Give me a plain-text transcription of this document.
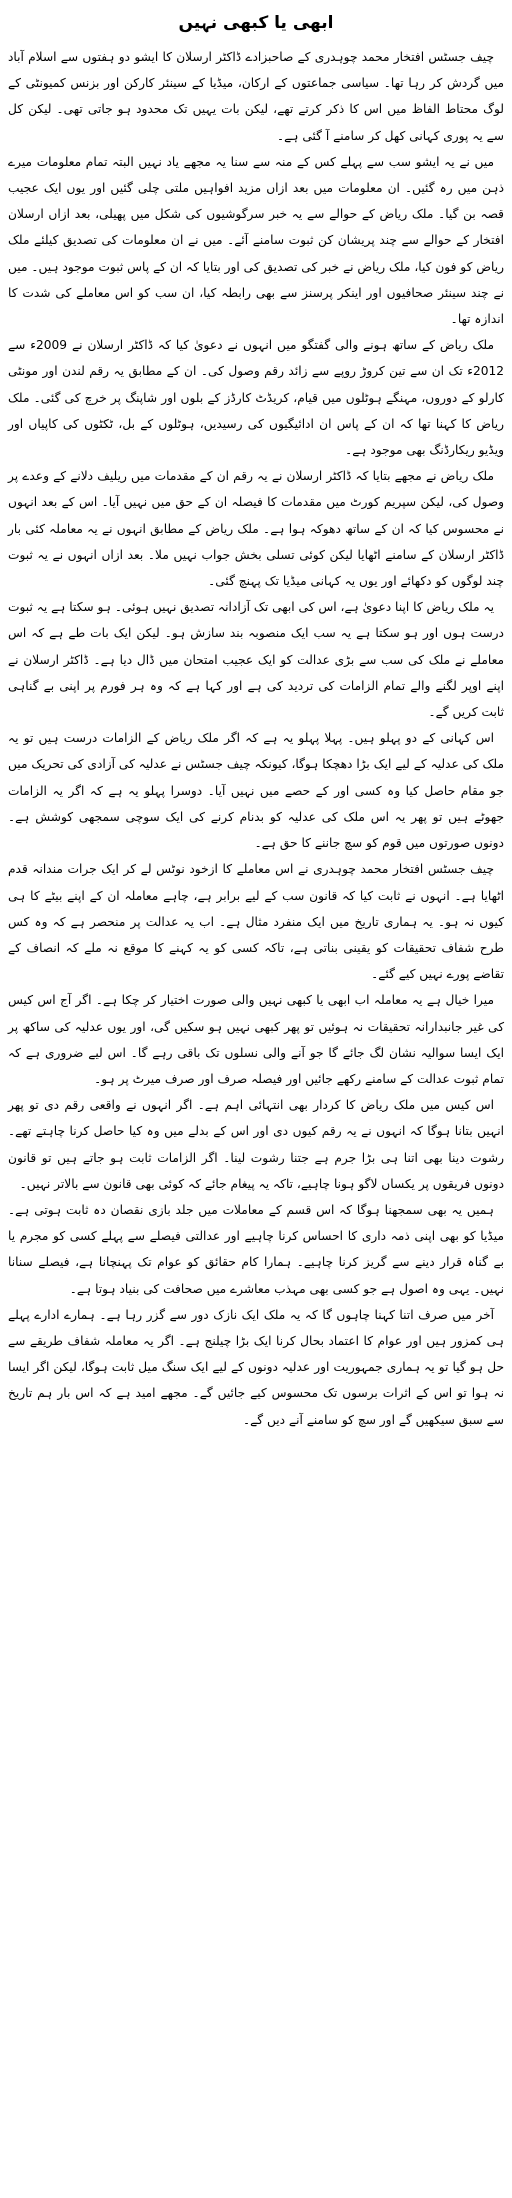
ابھی یا کبھی نہیں

چیف جسٹس افتخار محمد چوہدری کے صاحبزادے ڈاکٹر ارسلان کا ایشو دو ہفتوں سے اسلام آباد میں گردش کر رہا تھا۔ سیاسی جماعتوں کے ارکان، میڈیا کے سینئر کارکن اور بزنس کمیونٹی کے لوگ محتاط الفاظ میں اس کا ذکر کرتے تھے، لیکن بات یہیں تک محدود ہو جاتی تھی۔ لیکن کل سے یہ پوری کہانی کھل کر سامنے آ گئی ہے۔

میں نے یہ ایشو سب سے پہلے کس کے منہ سے سنا یہ مجھے یاد نہیں البتہ تمام معلومات میرے ذہن میں رہ گئیں۔ ان معلومات میں بعد ازاں مزید افواہیں ملتی چلی گئیں اور یوں ایک عجیب قصہ بن گیا۔ ملک ریاض کے حوالے سے یہ خبر سرگوشیوں کی شکل میں پھیلی، بعد ازاں ارسلان افتخار کے حوالے سے چند پریشان کن ثبوت سامنے آئے۔ میں نے ان معلومات کی تصدیق کیلئے ملک ریاض کو فون کیا، ملک ریاض نے خبر کی تصدیق کی اور بتایا کہ ان کے پاس ثبوت موجود ہیں۔ میں نے چند سینئر صحافیوں اور اینکر پرسنز سے بھی رابطہ کیا، ان سب کو اس معاملے کی شدت کا اندازہ تھا۔

ملک ریاض کے ساتھ ہونے والی گفتگو میں انہوں نے دعویٰ کیا کہ ڈاکٹر ارسلان نے 2009ء سے 2012ء تک ان سے تین کروڑ روپے سے زائد رقم وصول کی۔ ان کے مطابق یہ رقم لندن اور مونٹی کارلو کے دوروں، مہنگے ہوٹلوں میں قیام، کریڈٹ کارڈز کے بلوں اور شاپنگ پر خرچ کی گئی۔ ملک ریاض کا کہنا تھا کہ ان کے پاس ان ادائیگیوں کی رسیدیں، ہوٹلوں کے بل، ٹکٹوں کی کاپیاں اور ویڈیو ریکارڈنگ بھی موجود ہے۔

ملک ریاض نے مجھے بتایا کہ ڈاکٹر ارسلان نے یہ رقم ان کے مقدمات میں ریلیف دلانے کے وعدے پر وصول کی، لیکن سپریم کورٹ میں مقدمات کا فیصلہ ان کے حق میں نہیں آیا۔ اس کے بعد انہوں نے محسوس کیا کہ ان کے ساتھ دھوکہ ہوا ہے۔ ملک ریاض کے مطابق انہوں نے یہ معاملہ کئی بار ڈاکٹر ارسلان کے سامنے اٹھایا لیکن کوئی تسلی بخش جواب نہیں ملا۔ بعد ازاں انہوں نے یہ ثبوت چند لوگوں کو دکھائے اور یوں یہ کہانی میڈیا تک پہنچ گئی۔

یہ ملک ریاض کا اپنا دعویٰ ہے، اس کی ابھی تک آزادانہ تصدیق نہیں ہوئی۔ ہو سکتا ہے یہ ثبوت درست ہوں اور ہو سکتا ہے یہ سب ایک منصوبہ بند سازش ہو۔ لیکن ایک بات طے ہے کہ اس معاملے نے ملک کی سب سے بڑی عدالت کو ایک عجیب امتحان میں ڈال دیا ہے۔ ڈاکٹر ارسلان نے اپنے اوپر لگنے والے تمام الزامات کی تردید کی ہے اور کہا ہے کہ وہ ہر فورم پر اپنی بے گناہی ثابت کریں گے۔

اس کہانی کے دو پہلو ہیں۔ پہلا پہلو یہ ہے کہ اگر ملک ریاض کے الزامات درست ہیں تو یہ ملک کی عدلیہ کے لیے ایک بڑا دھچکا ہوگا، کیونکہ چیف جسٹس نے عدلیہ کی آزادی کی تحریک میں جو مقام حاصل کیا وہ کسی اور کے حصے میں نہیں آیا۔ دوسرا پہلو یہ ہے کہ اگر یہ الزامات جھوٹے ہیں تو پھر یہ اس ملک کی عدلیہ کو بدنام کرنے کی ایک سوچی سمجھی کوشش ہے۔ دونوں صورتوں میں قوم کو سچ جاننے کا حق ہے۔

چیف جسٹس افتخار محمد چوہدری نے اس معاملے کا ازخود نوٹس لے کر ایک جرات مندانہ قدم اٹھایا ہے۔ انہوں نے ثابت کیا کہ قانون سب کے لیے برابر ہے، چاہے معاملہ ان کے اپنے بیٹے کا ہی کیوں نہ ہو۔ یہ ہماری تاریخ میں ایک منفرد مثال ہے۔ اب یہ عدالت پر منحصر ہے کہ وہ کس طرح شفاف تحقیقات کو یقینی بناتی ہے، تاکہ کسی کو یہ کہنے کا موقع نہ ملے کہ انصاف کے تقاضے پورے نہیں کیے گئے۔

میرا خیال ہے یہ معاملہ اب ابھی یا کبھی نہیں والی صورت اختیار کر چکا ہے۔ اگر آج اس کیس کی غیر جانبدارانہ تحقیقات نہ ہوئیں تو پھر کبھی نہیں ہو سکیں گی، اور یوں عدلیہ کی ساکھ پر ایک ایسا سوالیہ نشان لگ جائے گا جو آنے والی نسلوں تک باقی رہے گا۔ اس لیے ضروری ہے کہ تمام ثبوت عدالت کے سامنے رکھے جائیں اور فیصلہ صرف اور صرف میرٹ پر ہو۔

اس کیس میں ملک ریاض کا کردار بھی انتہائی اہم ہے۔ اگر انہوں نے واقعی رقم دی تو پھر انہیں بتانا ہوگا کہ انہوں نے یہ رقم کیوں دی اور اس کے بدلے میں وہ کیا حاصل کرنا چاہتے تھے۔ رشوت دینا بھی اتنا ہی بڑا جرم ہے جتنا رشوت لینا۔ اگر الزامات ثابت ہو جاتے ہیں تو قانون دونوں فریقوں پر یکساں لاگو ہونا چاہیے، تاکہ یہ پیغام جائے کہ کوئی بھی قانون سے بالاتر نہیں۔

ہمیں یہ بھی سمجھنا ہوگا کہ اس قسم کے معاملات میں جلد بازی نقصان دہ ثابت ہوتی ہے۔ میڈیا کو بھی اپنی ذمہ داری کا احساس کرنا چاہیے اور عدالتی فیصلے سے پہلے کسی کو مجرم یا بے گناہ قرار دینے سے گریز کرنا چاہیے۔ ہمارا کام حقائق کو عوام تک پہنچانا ہے، فیصلے سنانا نہیں۔ یہی وہ اصول ہے جو کسی بھی مہذب معاشرے میں صحافت کی بنیاد ہوتا ہے۔

آخر میں صرف اتنا کہنا چاہوں گا کہ یہ ملک ایک نازک دور سے گزر رہا ہے۔ ہمارے ادارے پہلے ہی کمزور ہیں اور عوام کا اعتماد بحال کرنا ایک بڑا چیلنج ہے۔ اگر یہ معاملہ شفاف طریقے سے حل ہو گیا تو یہ ہماری جمہوریت اور عدلیہ دونوں کے لیے ایک سنگ میل ثابت ہوگا، لیکن اگر ایسا نہ ہوا تو اس کے اثرات برسوں تک محسوس کیے جائیں گے۔ مجھے امید ہے کہ اس بار ہم تاریخ سے سبق سیکھیں گے اور سچ کو سامنے آنے دیں گے۔
